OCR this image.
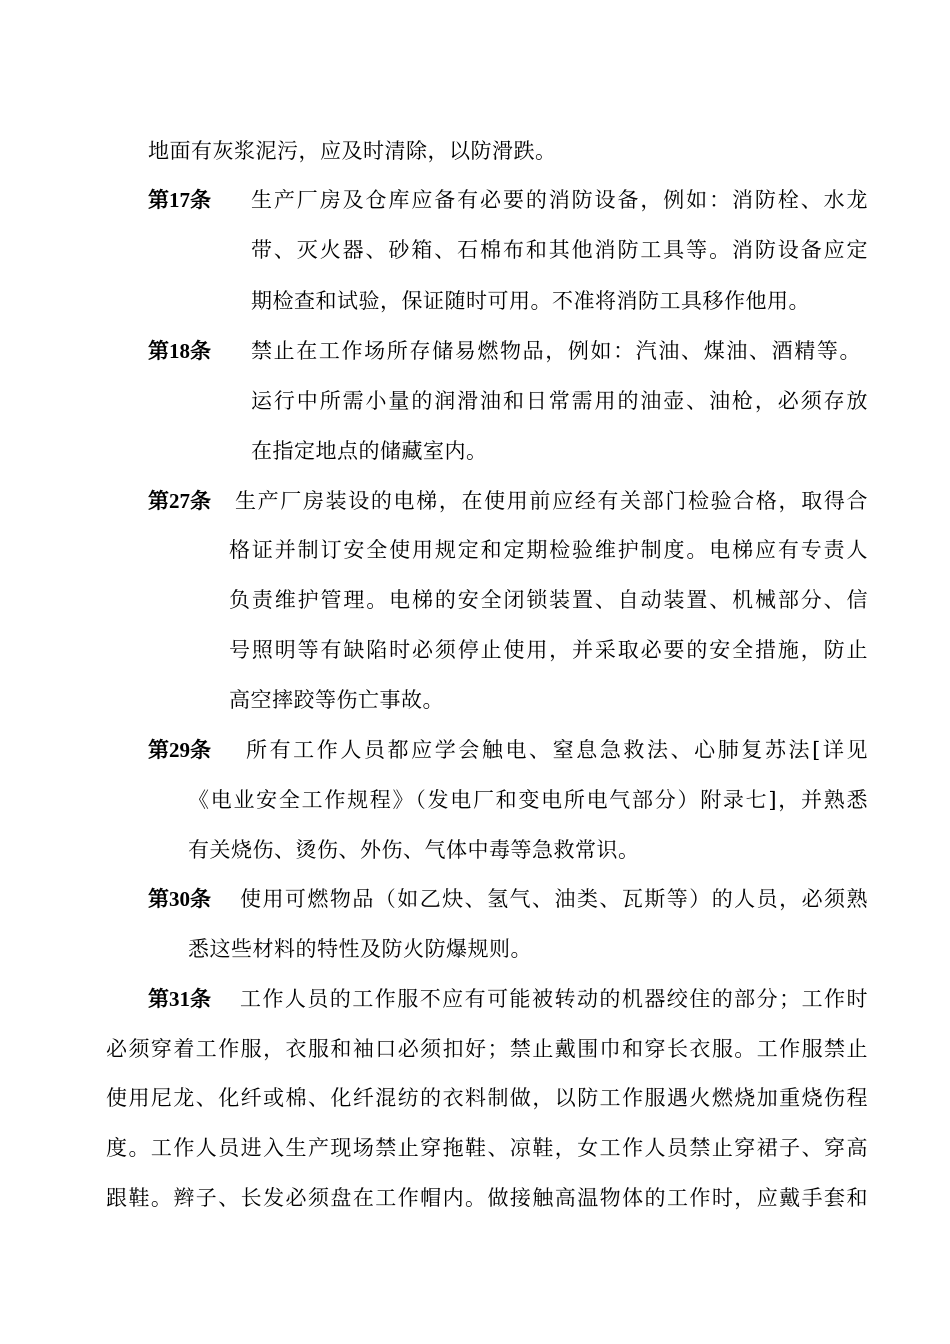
地面有灰浆泥污，应及时清除，以防滑跌。
第17条 生产厂房及仓库应备有必要的消防设备，例如：消防栓、水龙
带、灭火器、砂箱、石棉布和其他消防工具等。消防设备应定
期检查和试验，保证随时可用。不准将消防工具移作他用。
第18条 禁止在工作场所存储易燃物品，例如：汽油、煤油、酒精等。
运行中所需小量的润滑油和日常需用的油壶、油枪，必须存放
在指定地点的储藏室内。
第27条 生产厂房装设的电梯，在使用前应经有关部门检验合格，取得合
格证并制订安全使用规定和定期检验维护制度。电梯应有专责人
负责维护管理。电梯的安全闭锁装置、自动装置、机械部分、信
号照明等有缺陷时必须停止使用，并采取必要的安全措施，防止
高空摔跤等伤亡事故。
第29条 所有工作人员都应学会触电、窒息急救法、心肺复苏法[详见
《电业安全工作规程》（发电厂和变电所电气部分）附录七]，并熟悉
有关烧伤、烫伤、外伤、气体中毒等急救常识。
第30条 使用可燃物品（如乙炔、氢气、油类、瓦斯等）的人员，必须熟
悉这些材料的特性及防火防爆规则。
第31条 工作人员的工作服不应有可能被转动的机器绞住的部分；工作时
必须穿着工作服，衣服和袖口必须扣好；禁止戴围巾和穿长衣服。工作服禁止
使用尼龙、化纤或棉、化纤混纺的衣料制做，以防工作服遇火燃烧加重烧伤程
度。工作人员进入生产现场禁止穿拖鞋、凉鞋，女工作人员禁止穿裙子、穿高
跟鞋。辫子、长发必须盘在工作帽内。做接触高温物体的工作时，应戴手套和
